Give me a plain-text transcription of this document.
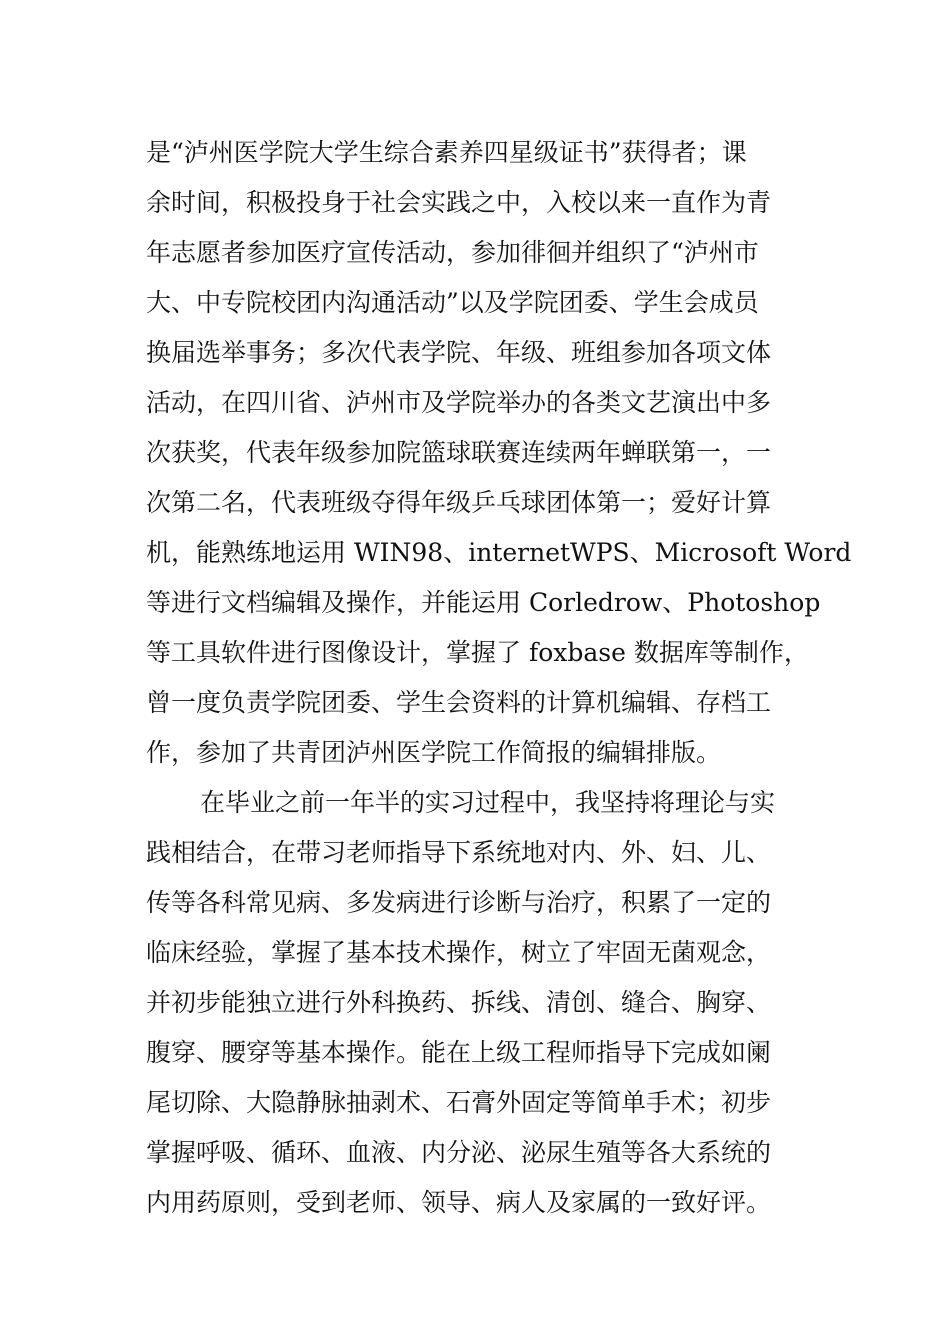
是“泸州医学院大学生综合素养四星级证书”获得者；课
余时间，积极投身于社会实践之中，入校以来一直作为青
年志愿者参加医疗宣传活动，参加徘徊并组织了“泸州市
大、中专院校团内沟通活动”以及学院团委、学生会成员
换届选举事务；多次代表学院、年级、班组参加各项文体
活动，在四川省、泸州市及学院举办的各类文艺演出中多
次获奖，代表年级参加院篮球联赛连续两年蝉联第一，一
次第二名，代表班级夺得年级乒乓球团体第一；爱好计算
机，能熟练地运用 WIN98、internetWPS、Microsoft Word
等进行文档编辑及操作，并能运用 Corledrow、Photoshop
等工具软件进行图像设计，掌握了 foxbase 数据库等制作，
曾一度负责学院团委、学生会资料的计算机编辑、存档工
作，参加了共青团泸州医学院工作简报的编辑排版。
在毕业之前一年半的实习过程中，我坚持将理论与实
践相结合，在带习老师指导下系统地对内、外、妇、儿、
传等各科常见病、多发病进行诊断与治疗，积累了一定的
临床经验，掌握了基本技术操作，树立了牢固无菌观念，
并初步能独立进行外科换药、拆线、清创、缝合、胸穿、
腹穿、腰穿等基本操作。能在上级工程师指导下完成如阑
尾切除、大隐静脉抽剥术、石膏外固定等简单手术；初步
掌握呼吸、循环、血液、内分泌、泌尿生殖等各大系统的
内用药原则，受到老师、领导、病人及家属的一致好评。
